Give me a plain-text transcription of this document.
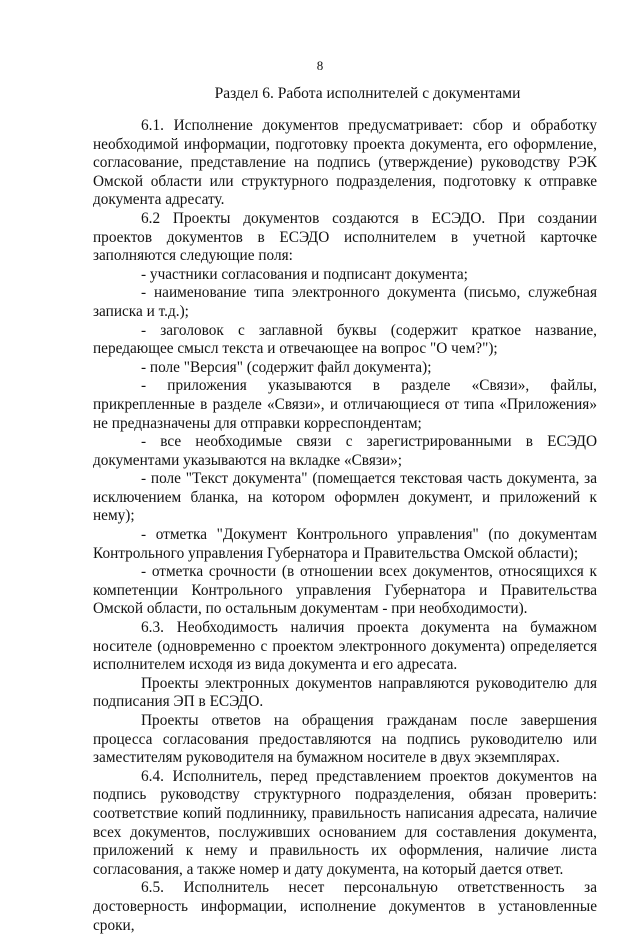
8
Раздел 6. Работа исполнителей с документами

6.1. Исполнение документов предусматривает: сбор и обработку необходимой информации, подготовку проекта документа, его оформление, согласование, представление на подпись (утверждение) руководству РЭК Омской области или структурного подразделения, подготовку к отправке документа адресату.

6.2 Проекты документов создаются в ЕСЭДО. При создании проектов документов в ЕСЭДО исполнителем в учетной карточке заполняются следующие поля:

- участники согласования и подписант документа;

- наименование типа электронного документа (письмо, служебная записка и т.д.);

- заголовок с заглавной буквы (содержит краткое название, передающее смысл текста и отвечающее на вопрос "О чем?");

- поле "Версия" (содержит файл документа);

- приложения указываются в разделе «Связи», файлы, прикрепленные в разделе «Связи», и отличающиеся от типа «Приложения» не предназначены для отправки корреспондентам;

- все необходимые связи с зарегистрированными в ЕСЭДО документами указываются на вкладке «Связи»;

- поле "Текст документа" (помещается текстовая часть документа, за исключением бланка, на котором оформлен документ, и приложений к нему);

- отметка "Документ Контрольного управления" (по документам Контрольного управления Губернатора и Правительства Омской области);

- отметка срочности (в отношении всех документов, относящихся к компетенции Контрольного управления Губернатора и Правительства Омской области, по остальным документам - при необходимости).

6.3. Необходимость наличия проекта документа на бумажном носителе (одновременно с проектом электронного документа) определяется исполнителем исходя из вида документа и его адресата.

Проекты электронных документов направляются руководителю для подписания ЭП в ЕСЭДО.

Проекты ответов на обращения гражданам после завершения процесса согласования предоставляются на подпись руководителю или заместителям руководителя на бумажном носителе в двух экземплярах.

6.4. Исполнитель, перед представлением проектов документов на подпись руководству структурного подразделения, обязан проверить: соответствие копий подлиннику, правильность написания адресата, наличие всех документов, послуживших основанием для составления документа, приложений к нему и правильность их оформления, наличие листа согласования, а также номер и дату документа, на который дается ответ.

6.5. Исполнитель несет персональную ответственность за достоверность информации, исполнение документов в установленные сроки,
